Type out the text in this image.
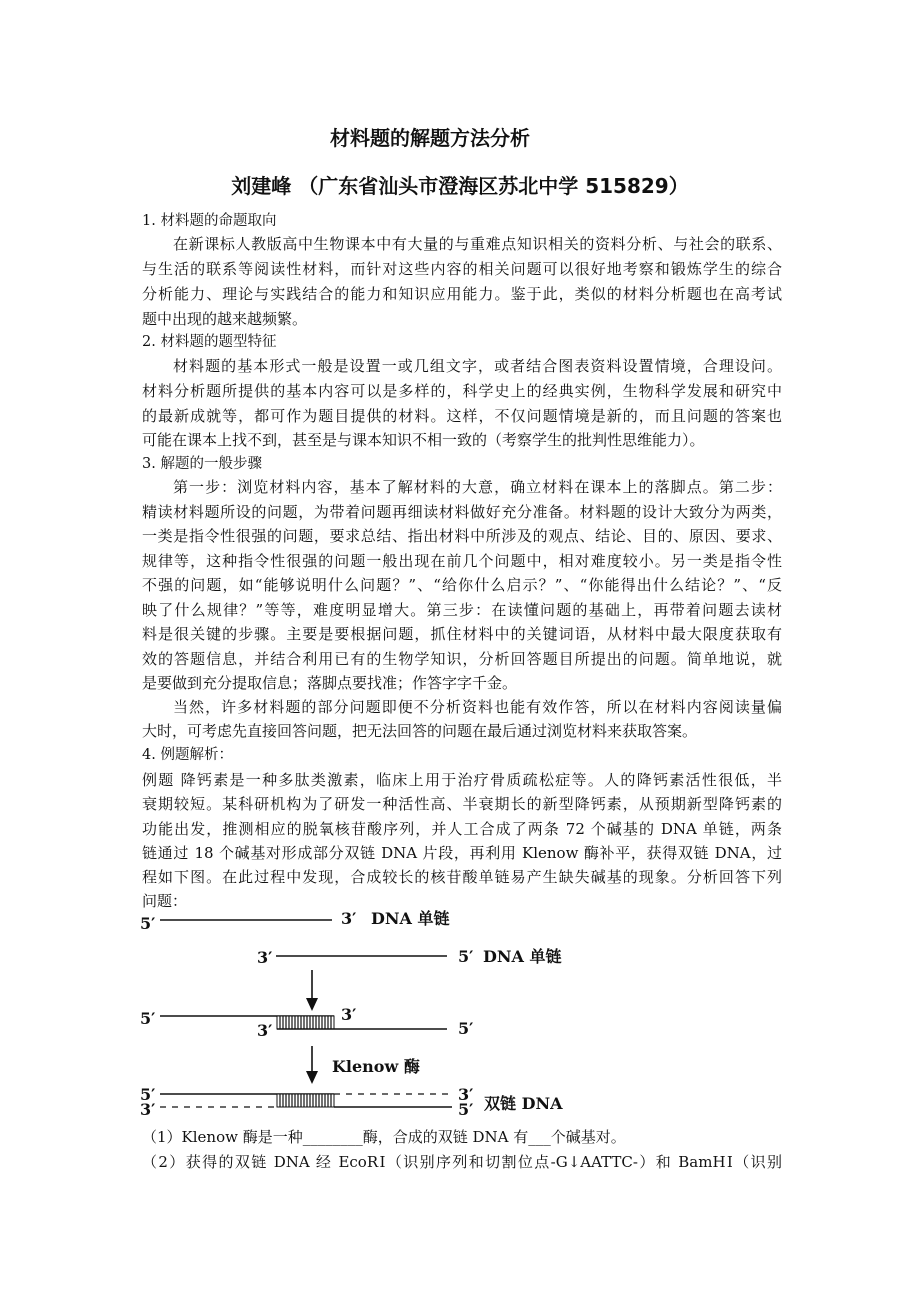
材料题的解题方法分析
刘建峰 （广东省汕头市澄海区苏北中学 515829）
1. 材料题的命题取向
在新课标人教版高中生物课本中有大量的与重难点知识相关的资料分析、与社会的联系、
与生活的联系等阅读性材料，而针对这些内容的相关问题可以很好地考察和锻炼学生的综合
分析能力、理论与实践结合的能力和知识应用能力。鉴于此，类似的材料分析题也在高考试
题中出现的越来越频繁。
2. 材料题的题型特征
材料题的基本形式一般是设置一或几组文字，或者结合图表资料设置情境，合理设问。
材料分析题所提供的基本内容可以是多样的，科学史上的经典实例，生物科学发展和研究中
的最新成就等，都可作为题目提供的材料。这样，不仅问题情境是新的，而且问题的答案也
可能在课本上找不到，甚至是与课本知识不相一致的（考察学生的批判性思维能力）。
3. 解题的一般步骤
第一步：浏览材料内容，基本了解材料的大意，确立材料在课本上的落脚点。第二步：
精读材料题所设的问题，为带着问题再细读材料做好充分准备。材料题的设计大致分为两类，
一类是指令性很强的问题，要求总结、指出材料中所涉及的观点、结论、目的、原因、要求、
规律等，这种指令性很强的问题一般出现在前几个问题中，相对难度较小。另一类是指令性
不强的问题，如“能够说明什么问题？”、“给你什么启示？”、“你能得出什么结论？”、“反
映了什么规律？”等等，难度明显增大。第三步：在读懂问题的基础上，再带着问题去读材
料是很关键的步骤。主要是要根据问题，抓住材料中的关键词语，从材料中最大限度获取有
效的答题信息，并结合利用已有的生物学知识，分析回答题目所提出的问题。简单地说，就
是要做到充分提取信息；落脚点要找准；作答字字千金。
当然，许多材料题的部分问题即便不分析资料也能有效作答，所以在材料内容阅读量偏
大时，可考虑先直接回答问题，把无法回答的问题在最后通过浏览材料来获取答案。
4. 例题解析：
例题 降钙素是一种多肽类激素，临床上用于治疗骨质疏松症等。人的降钙素活性很低，半
衰期较短。某科研机构为了研发一种活性高、半衰期长的新型降钙素，从预期新型降钙素的
功能出发，推测相应的脱氧核苷酸序列，并人工合成了两条 72 个碱基的 DNA 单链，两条
链通过 18 个碱基对形成部分双链 DNA 片段，再利用 Klenow 酶补平，获得双链 DNA，过
程如下图。在此过程中发现，合成较长的核苷酸单链易产生缺失碱基的现象。分析回答下列
问题：
5′	3′ DNA 单链
3′	5′ DNA 单链
5′	3′
3′	5′
Klenow 酶
5′
3′
3′
5′ 双链 DNA
（1）Klenow 酶是一种________酶，合成的双链 DNA 有___个碱基对。
（2）获得的双链 DNA 经 EcoRⅠ（识别序列和切割位点-G↓AATTC-）和 BamHⅠ（识别
